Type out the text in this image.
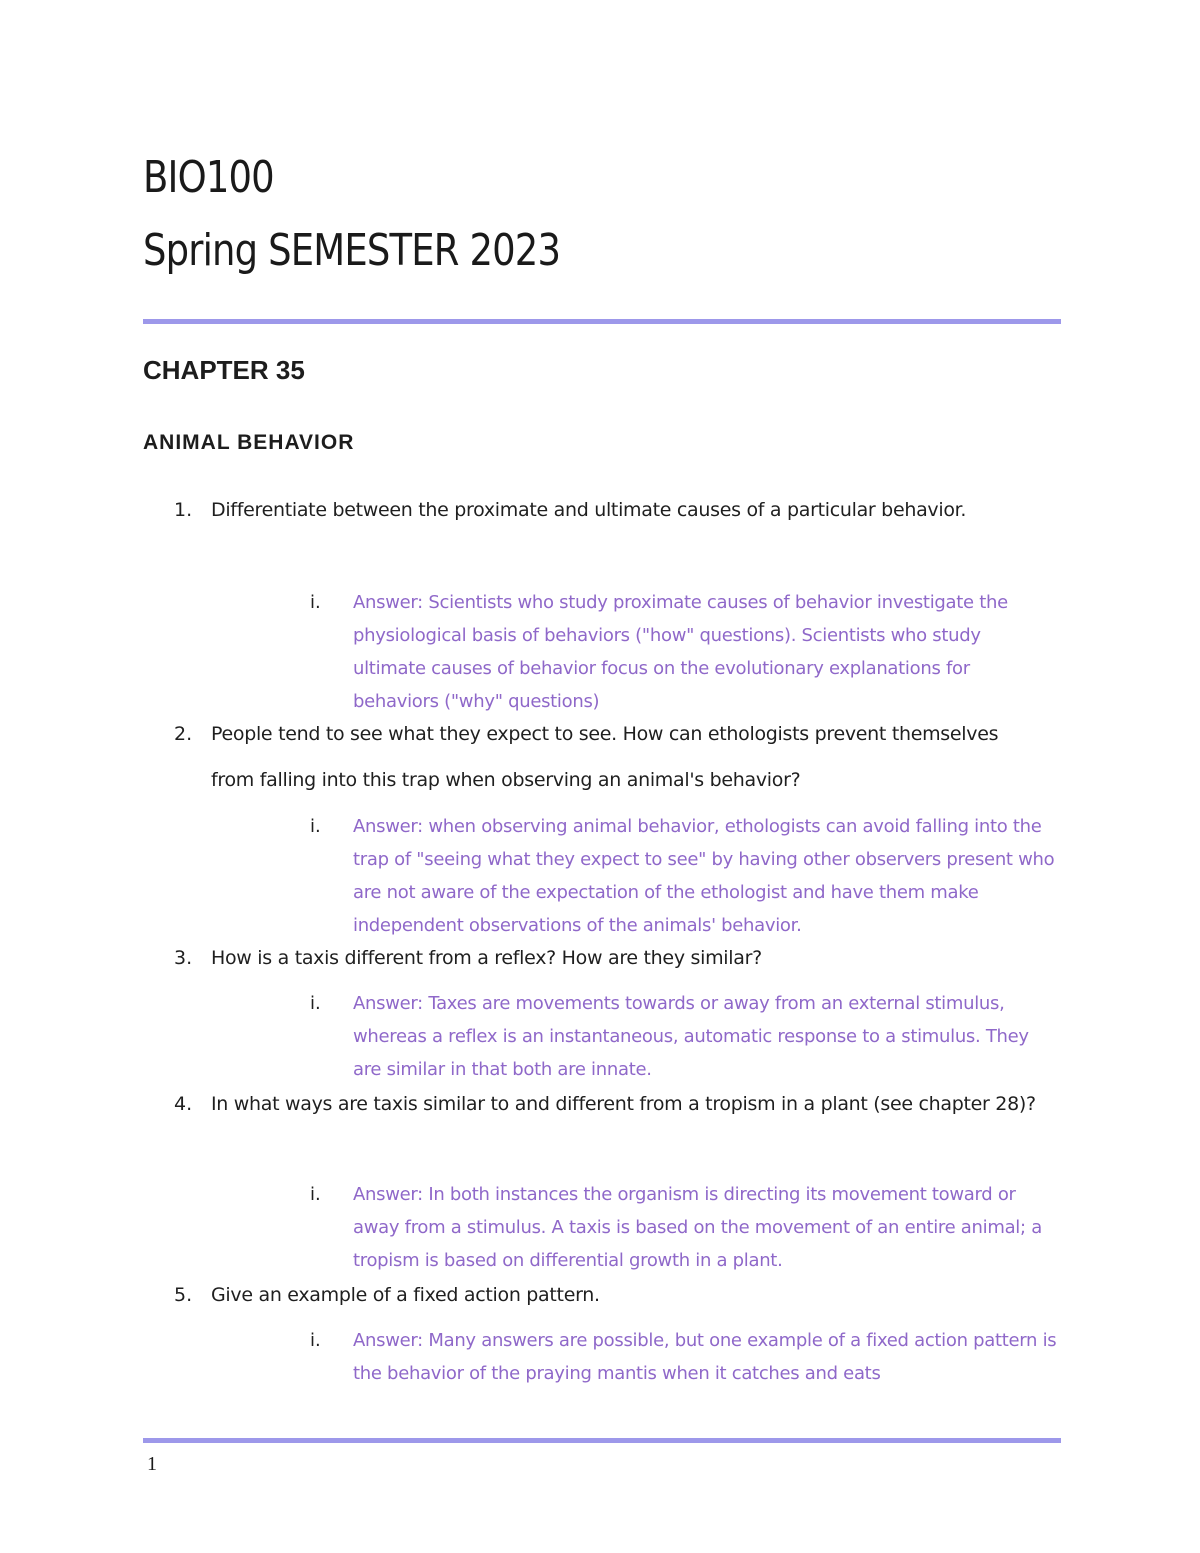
BIO100
Spring SEMESTER 2023
CHAPTER 35
ANIMAL BEHAVIOR

1. Differentiate between the proximate and ultimate causes of a particular behavior.

i. Answer: Scientists who study proximate causes of behavior investigate the physiological basis of behaviors ("how" questions). Scientists who study ultimate causes of behavior focus on the evolutionary explanations for behaviors ("why" questions)

2. People tend to see what they expect to see. How can ethologists prevent themselves from falling into this trap when observing an animal's behavior?

i. Answer: when observing animal behavior, ethologists can avoid falling into the trap of "seeing what they expect to see" by having other observers present who are not aware of the expectation of the ethologist and have them make independent observations of the animals' behavior.

3. How is a taxis different from a reflex? How are they similar?

i. Answer: Taxes are movements towards or away from an external stimulus, whereas a reflex is an instantaneous, automatic response to a stimulus. They are similar in that both are innate.

4. In what ways are taxis similar to and different from a tropism in a plant (see chapter 28)?

i. Answer: In both instances the organism is directing its movement toward or away from a stimulus. A taxis is based on the movement of an entire animal; a tropism is based on differential growth in a plant.

5. Give an example of a fixed action pattern.

i. Answer: Many answers are possible, but one example of a fixed action pattern is the behavior of the praying mantis when it catches and eats

1
